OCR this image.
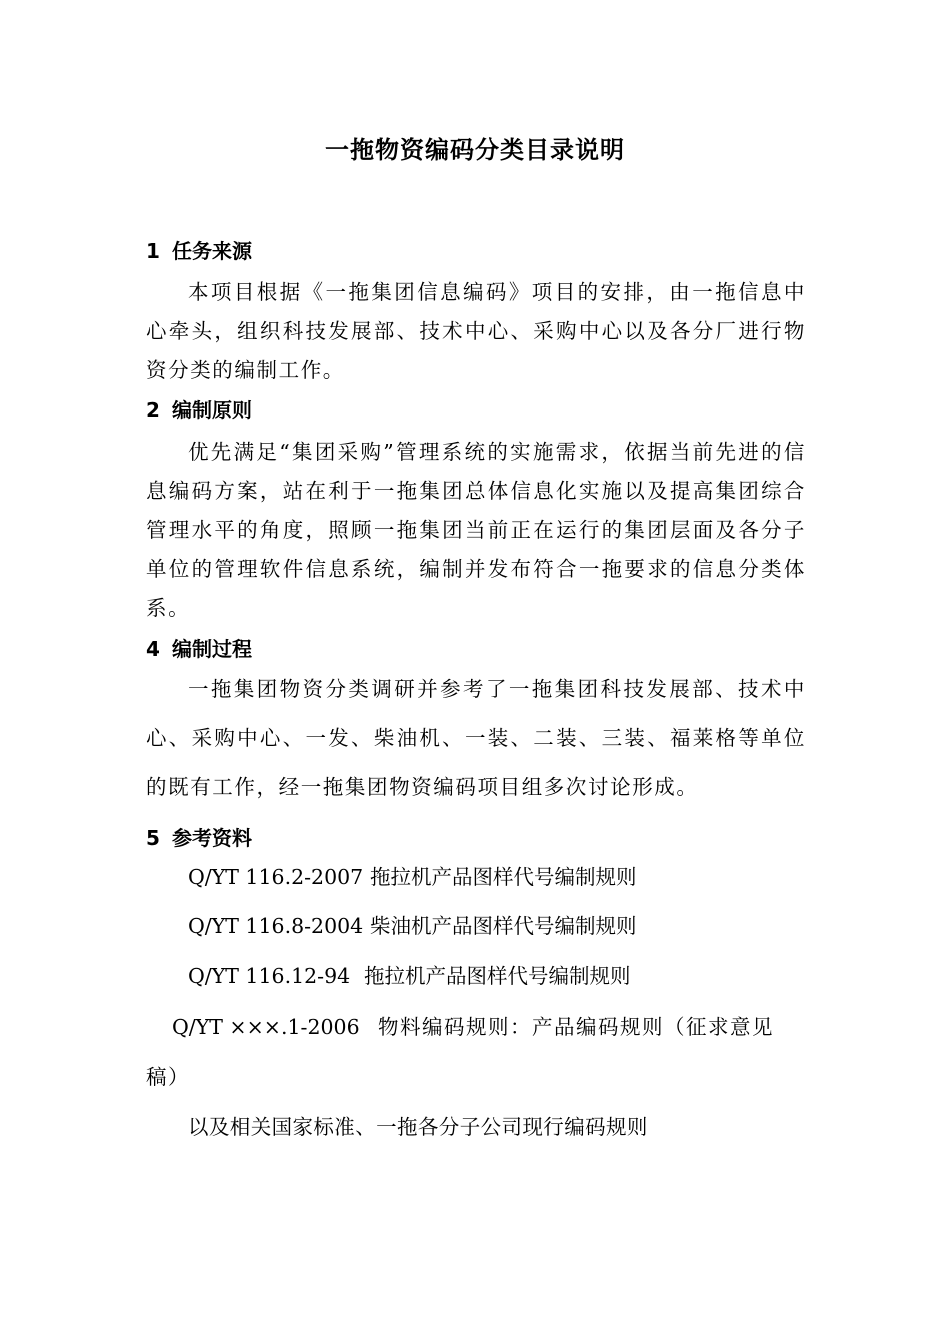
一拖物资编码分类目录说明
1 任务来源
本项目根据《一拖集团信息编码》项目的安排，由一拖信息中心牵头，组织科技发展部、技术中心、采购中心以及各分厂进行物资分类的编制工作。
2 编制原则
优先满足“集团采购”管理系统的实施需求，依据当前先进的信息编码方案，站在利于一拖集团总体信息化实施以及提高集团综合管理水平的角度，照顾一拖集团当前正在运行的集团层面及各分子单位的管理软件信息系统，编制并发布符合一拖要求的信息分类体系。
4 编制过程
一拖集团物资分类调研并参考了一拖集团科技发展部、技术中心、采购中心、一发、柴油机、一装、二装、三装、福莱格等单位的既有工作，经一拖集团物资编码项目组多次讨论形成。
5 参考资料
Q/YT 116.2-2007 拖拉机产品图样代号编制规则
Q/YT 116.8-2004 柴油机产品图样代号编制规则
Q/YT 116.12-94 拖拉机产品图样代号编制规则
Q/YT ×××.1-2006 物料编码规则：产品编码规则（征求意见稿）
以及相关国家标准、一拖各分子公司现行编码规则
